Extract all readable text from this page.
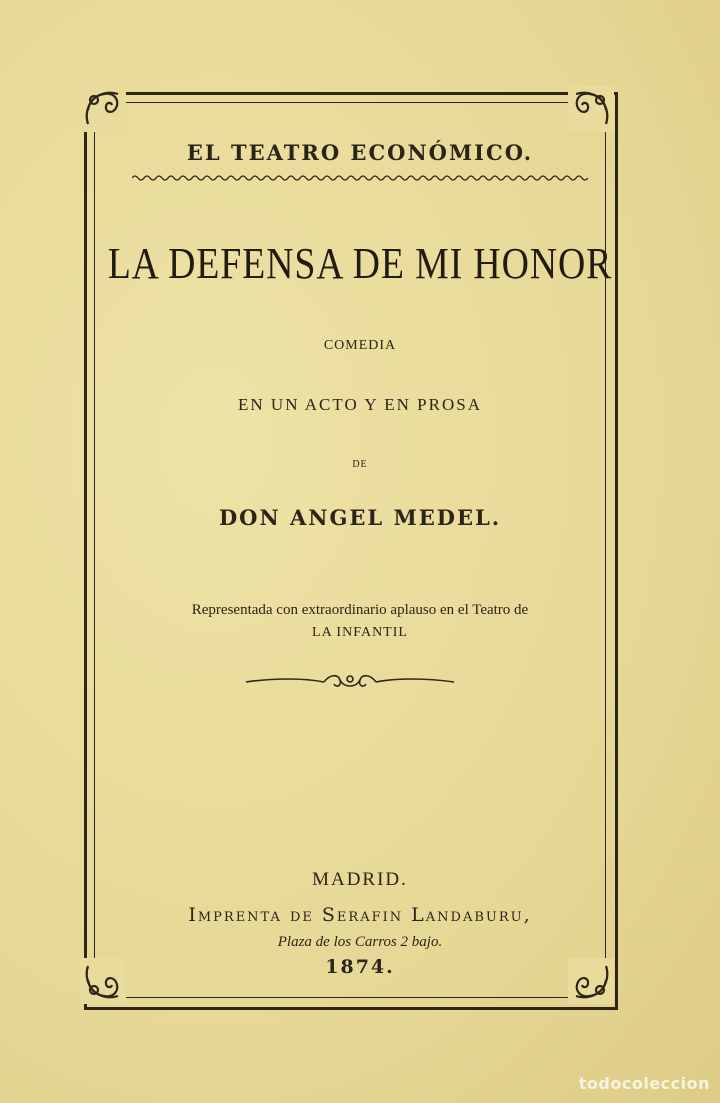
EL TEATRO ECONÓMICO.
LA DEFENSA DE MI HONOR
COMEDIA
EN UN ACTO Y EN PROSA
DE
DON ANGEL MEDEL.
Representada con extraordinario aplauso en el Teatro de
LA INFANTIL
MADRID.
Imprenta de Serafin Landaburu,
Plaza de los Carros 2 bajo.
1874.
todocoleccion
